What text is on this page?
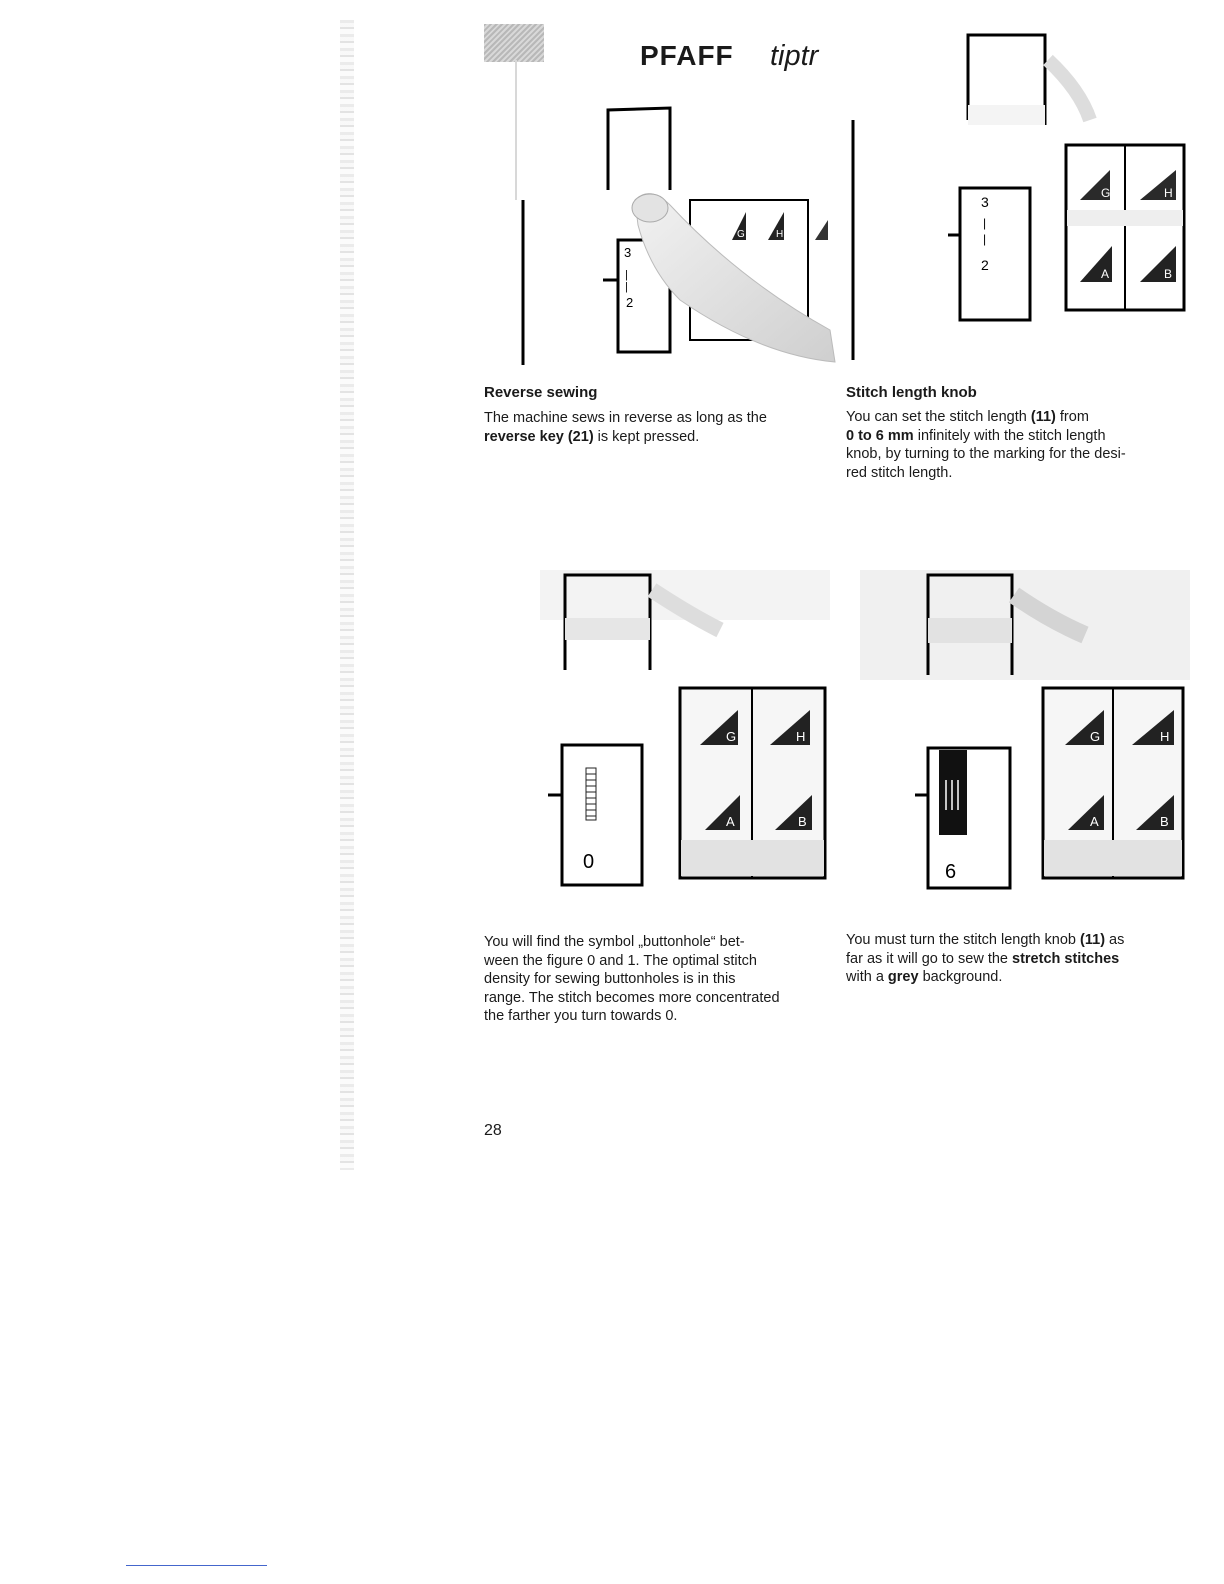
PFAFF tiptr
3
|
|
2
G	H
3
|
|
2
G	H
A	B
0
G	H
A	B
6
G	H
A	B
Reverse sewing
The machine sews in reverse as long as the
reverse key (21) is kept pressed.
Stitch length knob
You can set the stitch length (11) from
0 to 6 mm infinitely with the stitch length
knob, by turning to the marking for the desi-
red stitch length.
You will find the symbol „buttonhole“ bet-
ween the figure 0 and 1. The optimal stitch
density for sewing buttonholes is in this
range. The stitch becomes more concentrated
the farther you turn towards 0.
You must turn the stitch length knob (11) as
far as it will go to sew the stretch stitches
with a grey background.
28
